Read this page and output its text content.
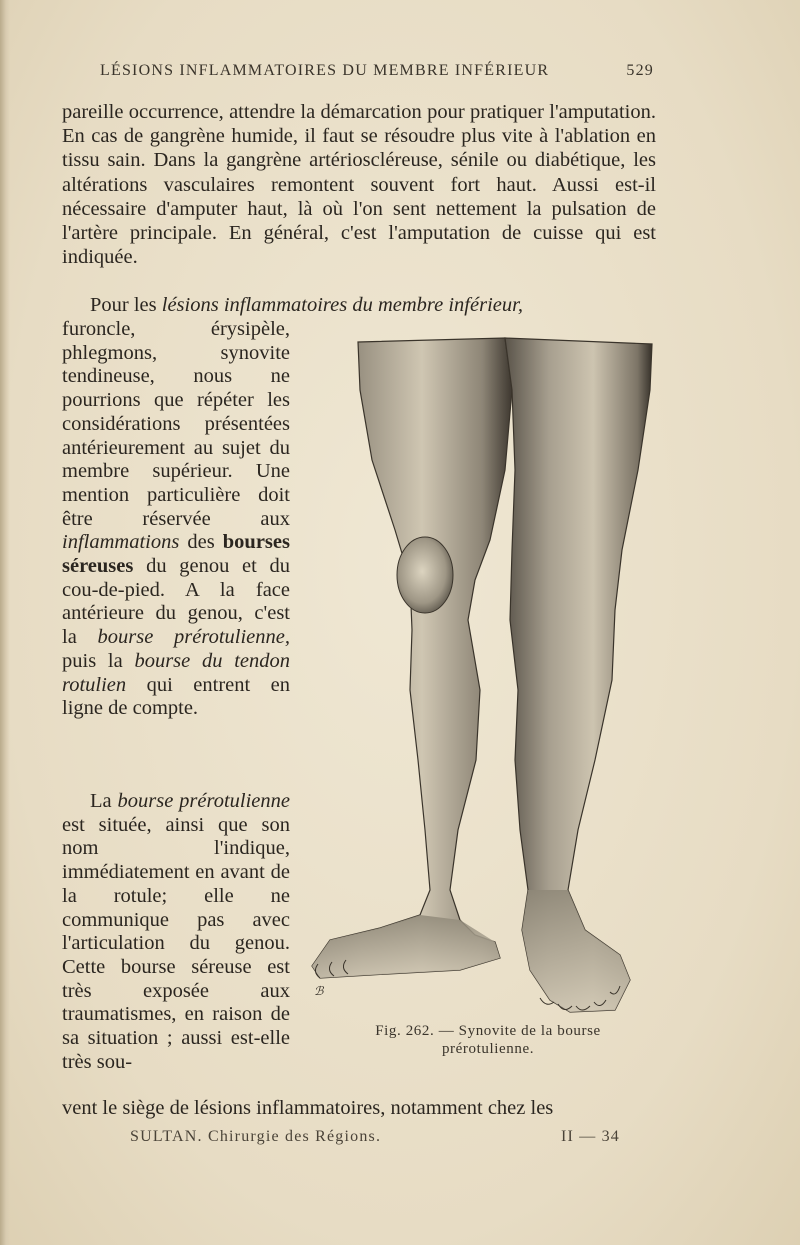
LÉSIONS INFLAMMATOIRES DU MEMBRE INFÉRIEUR	529
pareille occurrence, attendre la démarcation pour pratiquer l'amputation. En cas de gangrène humide, il faut se résoudre plus vite à l'ablation en tissu sain. Dans la gangrène artérioscléreuse, sénile ou diabétique, les altérations vasculaires remontent souvent fort haut. Aussi est-il nécessaire d'amputer haut, là où l'on sent nettement la pulsation de l'artère principale. En général, c'est l'amputation de cuisse qui est indiquée.
Pour les lésions inflammatoires du membre inférieur,
furoncle, érysipèle, phlegmons, synovite tendineuse, nous ne pourrions que répéter les considérations présentées antérieurement au sujet du membre supérieur. Une mention particulière doit être réservée aux inflammations des bourses séreuses du genou et du cou-de-pied. A la face antérieure du genou, c'est la bourse prérotulienne, puis la bourse du tendon rotulien qui entrent en ligne de compte.
La bourse prérotulienne est située, ainsi que son nom l'indique, immédiatement en avant de la rotule; elle ne communique pas avec l'articulation du genou. Cette bourse séreuse est très exposée aux traumatismes, en raison de sa situation ; aussi est-elle très sou-
vent le siège de lésions inflammatoires, notamment chez les
ℬ
Fig. 262. — Synovite de la bourse
prérotulienne.
SULTAN. Chirurgie des Régions.	II — 34
